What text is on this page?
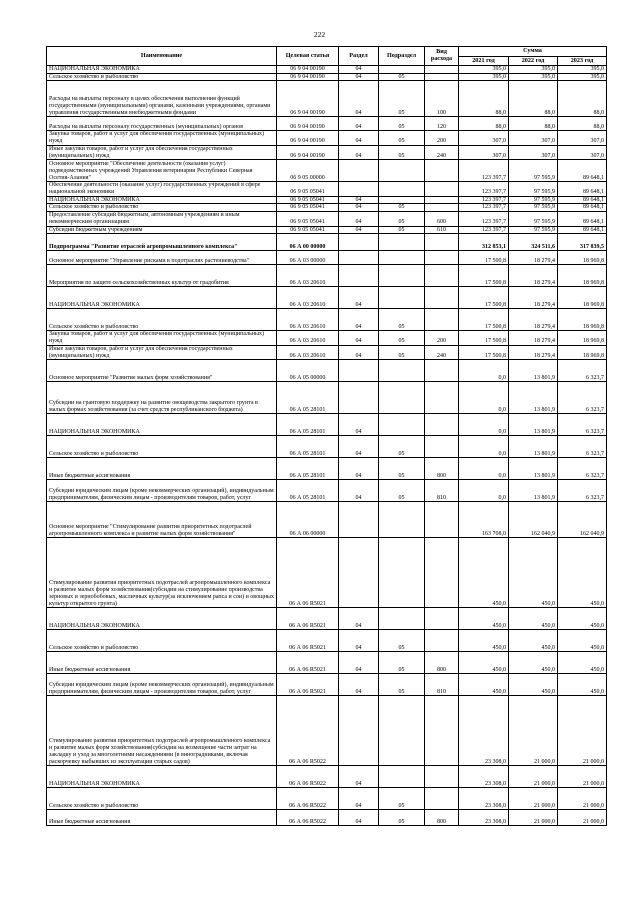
222
Наименование	Целевая статья	Раздел	Подраздел	Вид расхода	Сумма		
					2021 год	2022 год	2023 год
НАЦИОНАЛЬНАЯ ЭКОНОМИКА	06 9 04 00190	04			395,0	395,0	395,0
Сельское хозяйство и рыболовство	06 9 04 00190	04	05		395,0	395,0	395,0
Расходы на выплаты персоналу в целях обеспечения выполнения функций государственными (муниципальными) органами, казенными учреждениями, органами управления государственными внебюджетными фондами	06 9 04 00190	04	05	100	88,0	88,0	88,0
Расходы на выплаты персоналу государственных (муниципальных) органов	06 9 04 00190	04	05	120	88,0	88,0	88,0
Закупка товаров, работ и услуг для обеспечения государственных (муниципальных) нужд	06 9 04 00190	04	05	200	307,0	307,0	307,0
Иные закупки товаров, работ и услуг для обеспечения государственных (муниципальных) нужд	06 9 04 00190	04	05	240	307,0	307,0	307,0
Основное мероприятие "Обеспечение деятельности (оказания услуг) подведомственных учреждений Управления ветеринарии Республики Северная Осетия-Алания"	06 9 05 00000				123 397,7	97 595,9	89 648,1
Обеспечение деятельности (оказание услуг) государственных учреждений в сфере национальной экономики	06 9 05 05041				123 397,7	97 595,9	89 648,1
НАЦИОНАЛЬНАЯ ЭКОНОМИКА	06 9 05 05041	04			123 397,7	97 595,9	89 648,1
Сельское хозяйство и рыболовство	06 9 05 05041	04	05		123 397,7	97 595,9	89 648,1
Предоставление субсидий бюджетным, автономным учреждениям и иным некоммерческим организациям	06 9 05 05041	04	05	600	123 397,7	97 595,9	89 648,1
Субсидии бюджетным учреждениям	06 9 05 05041	04	05	610	123 397,7	97 595,9	89 648,1
Подпрограмма "Развитие отраслей агропромышленного комплекса"	06 А 00 00000				312 853,1	324 511,6	317 839,5
Основное мероприятие "Управление рисками в подотраслях растениеводства"	06 А 03 00000				17 500,8	18 279,4	18 969,8
Мероприятия по защите сельскохозяйственных культур от градобития	06 А 03 20610				17 500,8	18 279,4	18 969,8
НАЦИОНАЛЬНАЯ ЭКОНОМИКА	06 А 03 20610	04			17 500,8	18 279,4	18 969,8
Сельское хозяйство и рыболовство	06 А 03 20610	04	05		17 500,8	18 279,4	18 969,8
Закупка товаров, работ и услуг для обеспечения государственных (муниципальных) нужд	06 А 03 20610	04	05	200	17 500,8	18 279,4	18 969,8
Иные закупки товаров, работ и услуг для обеспечения государственных (муниципальных) нужд	06 А 03 20610	04	05	240	17 500,8	18 279,4	18 969,8
Основное мероприятие "Развитие малых форм хозяйствования"	06 А 05 00000				0,0	13 801,9	6 323,7
Субсидии на грантовую поддержку на развитие овощеводства закрытого грунта в малых формах хозяйствования (за счет средств республиканского бюджета)	06 А 05 28101				0,0	13 801,9	6 323,7
НАЦИОНАЛЬНАЯ ЭКОНОМИКА	06 А 05 28101	04			0,0	13 801,9	6 323,7
Сельское хозяйство и рыболовство	06 А 05 28101	04	05		0,0	13 801,9	6 323,7
Иные бюджетные ассигнования	06 А 05 28101	04	05	800	0,0	13 801,9	6 323,7
Субсидии юридическим лицам (кроме некоммерческих организаций), индивидуальным предпринимателям, физическим лицам - производителям товаров, работ, услуг	06 А 05 28101	04	05	810	0,0	13 801,9	6 323,7
Основное мероприятие "Стимулирование развития приоритетных подотраслей агропромышленного комплекса и развитие малых форм хозяйствования"	06 А 06 00000				163 708,0	162 040,9	162 040,9
Стимулирование развития приоритетных подотраслей агропромышленного комплекса и развитие малых форм хозяйствования(субсидии на стимулирование производства зерновых и зернобобовых, масличных культур(за исключением рапса и сои) и овощных культур открытого грунта)	06 А 06 R5021				450,0	450,0	450,0
НАЦИОНАЛЬНАЯ ЭКОНОМИКА	06 А 06 R5021	04			450,0	450,0	450,0
Сельское хозяйство и рыболовство	06 А 06 R5021	04	05		450,0	450,0	450,0
Иные бюджетные ассигнования	06 А 06 R5021	04	05	800	450,0	450,0	450,0
Субсидии юридическим лицам (кроме некоммерческих организаций), индивидуальным предпринимателям, физическим лицам - производителям товаров, работ, услуг	06 А 06 R5021	04	05	810	450,0	450,0	450,0
Стимулирование развития приоритетных подотраслей агропромышленного комплекса и развитие малых форм хозяйствования(субсидии на возмещение части затрат на закладку и уход за многолетними насаждениями (в виноградниками, включая раскорчевку выбывших из эксплуатации старых садов)	06 А 06 R5022				23 308,0	21 000,0	21 000,0
НАЦИОНАЛЬНАЯ ЭКОНОМИКА	06 А 06 R5022	04			23 308,0	21 000,0	21 000,0
Сельское хозяйство и рыболовство	06 А 06 R5022	04	05		23 308,0	21 000,0	21 000,0
Иные бюджетные ассигнования	06 А 06 R5022	04	05	800	23 308,0	21 000,0	21 000,0
